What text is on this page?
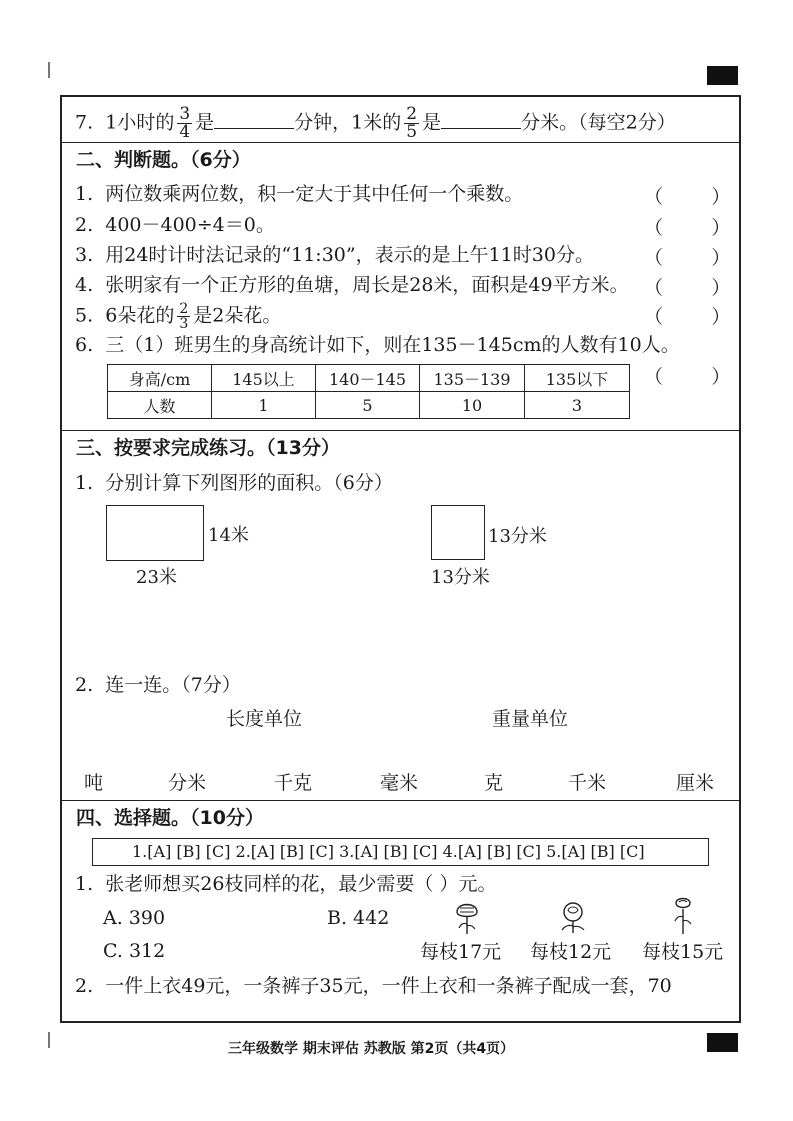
7. 1小时的 $\frac{3}{4}$ 是	分钟，1米的 $\frac{2}{5}$ 是	分米。（每空2分）
二、判断题。（6分）
1. 两位数乘两位数，积一定大于其中任何一个乘数。
2. 400－400÷4＝0。
3. 用24时计时法记录的“11:30”，表示的是上午11时30分。
4. 张明家有一个正方形的鱼塘，周长是28米，面积是49平方米。
5. 6朵花的 $\frac{2}{3}$ 是2朵花。
6. 三（1）班男生的身高统计如下，则在135－145cm的人数有10人。
（        ）
（        ）
（        ）
（        ）
（        ）
（        ）
身高/cm	145以上	140－145	135－139	135以下
人数	1	5	10	3
三、按要求完成练习。（13分）
1. 分别计算下列图形的面积。（6分）
14米
23米
13分米
13分米
2. 连一连。（7分）
长度单位	重量单位
吨	分米	千克	毫米	克	千米	厘米
四、选择题。（10分）
1.[A] [B] [C] 2.[A] [B] [C] 3.[A] [B] [C] 4.[A] [B] [C] 5.[A] [B] [C]
1. 张老师想买26枝同样的花，最少需要（ ）元。
A. 390	B. 442
C. 312	每枝17元 每枝12元 每枝15元
2. 一件上衣49元，一条裤子35元，一件上衣和一条裤子配成一套，70
三年级数学 期末评估 苏教版 第2页（共4页）
